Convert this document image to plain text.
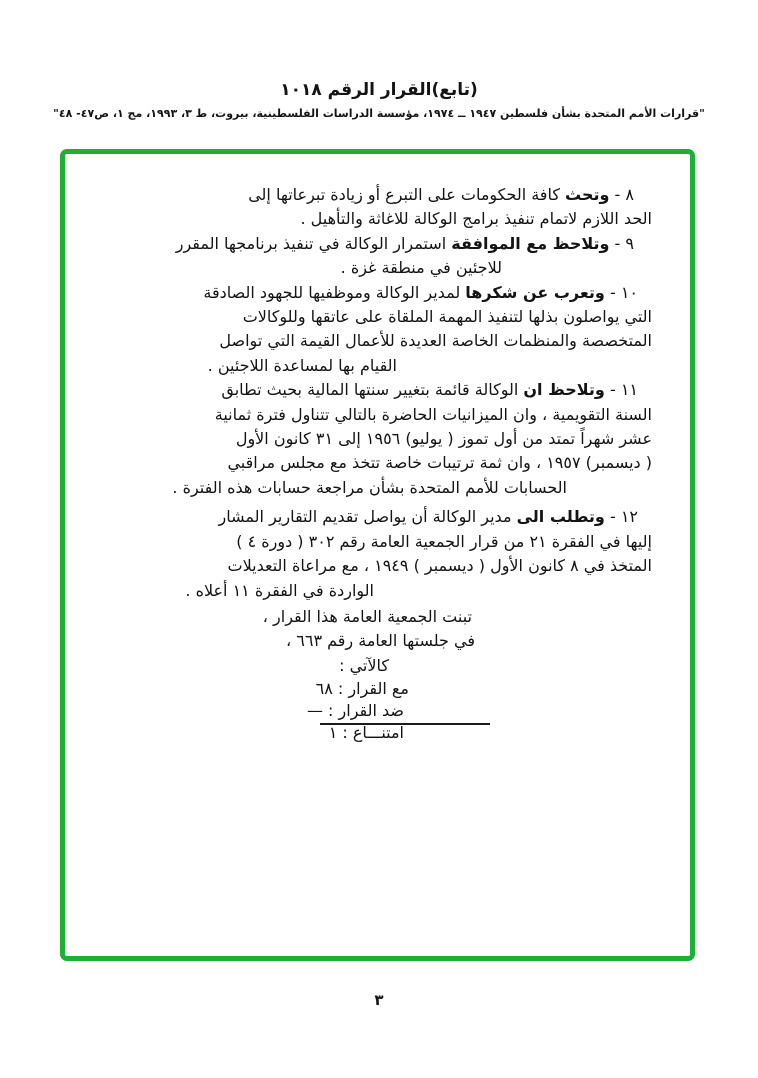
(تابع)القرار الرقم ١٠١٨
"قرارات الأمم المتحدة بشأن فلسطين ١٩٤٧ ــ ١٩٧٤، مؤسسة الدراسات الفلسطينية، بيروت، ط ٣، ١٩٩٣، مج ١، ص٤٧- ٤٨"
٨ - وتحث كافة الحكومات على التبرع أو زيادة تبرعاتها إلى
الحد اللازم لاتمام تنفيذ برامج الوكالة للاغاثة والتأهيل .
٩ - وتلاحظ مع الموافقة استمرار الوكالة في تنفيذ برنامجها المقرر
للاجئين في منطقة غزة .
١٠ - وتعرب عن شكرها لمدير الوكالة وموظفيها للجهود الصادقة
التي يواصلون بذلها لتنفيذ المهمة الملقاة على عاتقها وللوكالات
المتخصصة والمنظمات الخاصة العديدة للأعمال القيمة التي تواصل
القيام بها لمساعدة اللاجئين .
١١ - وتلاحظ ان الوكالة قائمة بتغيير سنتها المالية بحيث تطابق
السنة التقويمية ، وان الميزانيات الحاضرة بالتالي تتناول فترة ثمانية
عشر شهراً تمتد من أول تموز ( يوليو) ١٩٥٦ إلى ٣١ كانون الأول
( ديسمبر) ١٩٥٧ ، وان ثمة ترتيبات خاصة تتخذ مع مجلس مراقبي
الحسابات للأمم المتحدة بشأن مراجعة حسابات هذه الفترة .
١٢ - وتطلب الى مدير الوكالة أن يواصل تقديم التقارير المشار
إليها في الفقرة ٢١ من قرار الجمعية العامة رقم ٣٠٢ ( دورة ٤ )
المتخذ في ٨ كانون الأول ( ديسمبر ) ١٩٤٩ ، مع مراعاة التعديلات
الواردة في الفقرة ١١ أعلاه .
تبنت الجمعية العامة هذا القرار ،
في جلستها العامة رقم ٦٦٣ ،
كالآتي :
مع القرار : ٦٨
ضد القرار : —
امتنـــاع : ١
٣
